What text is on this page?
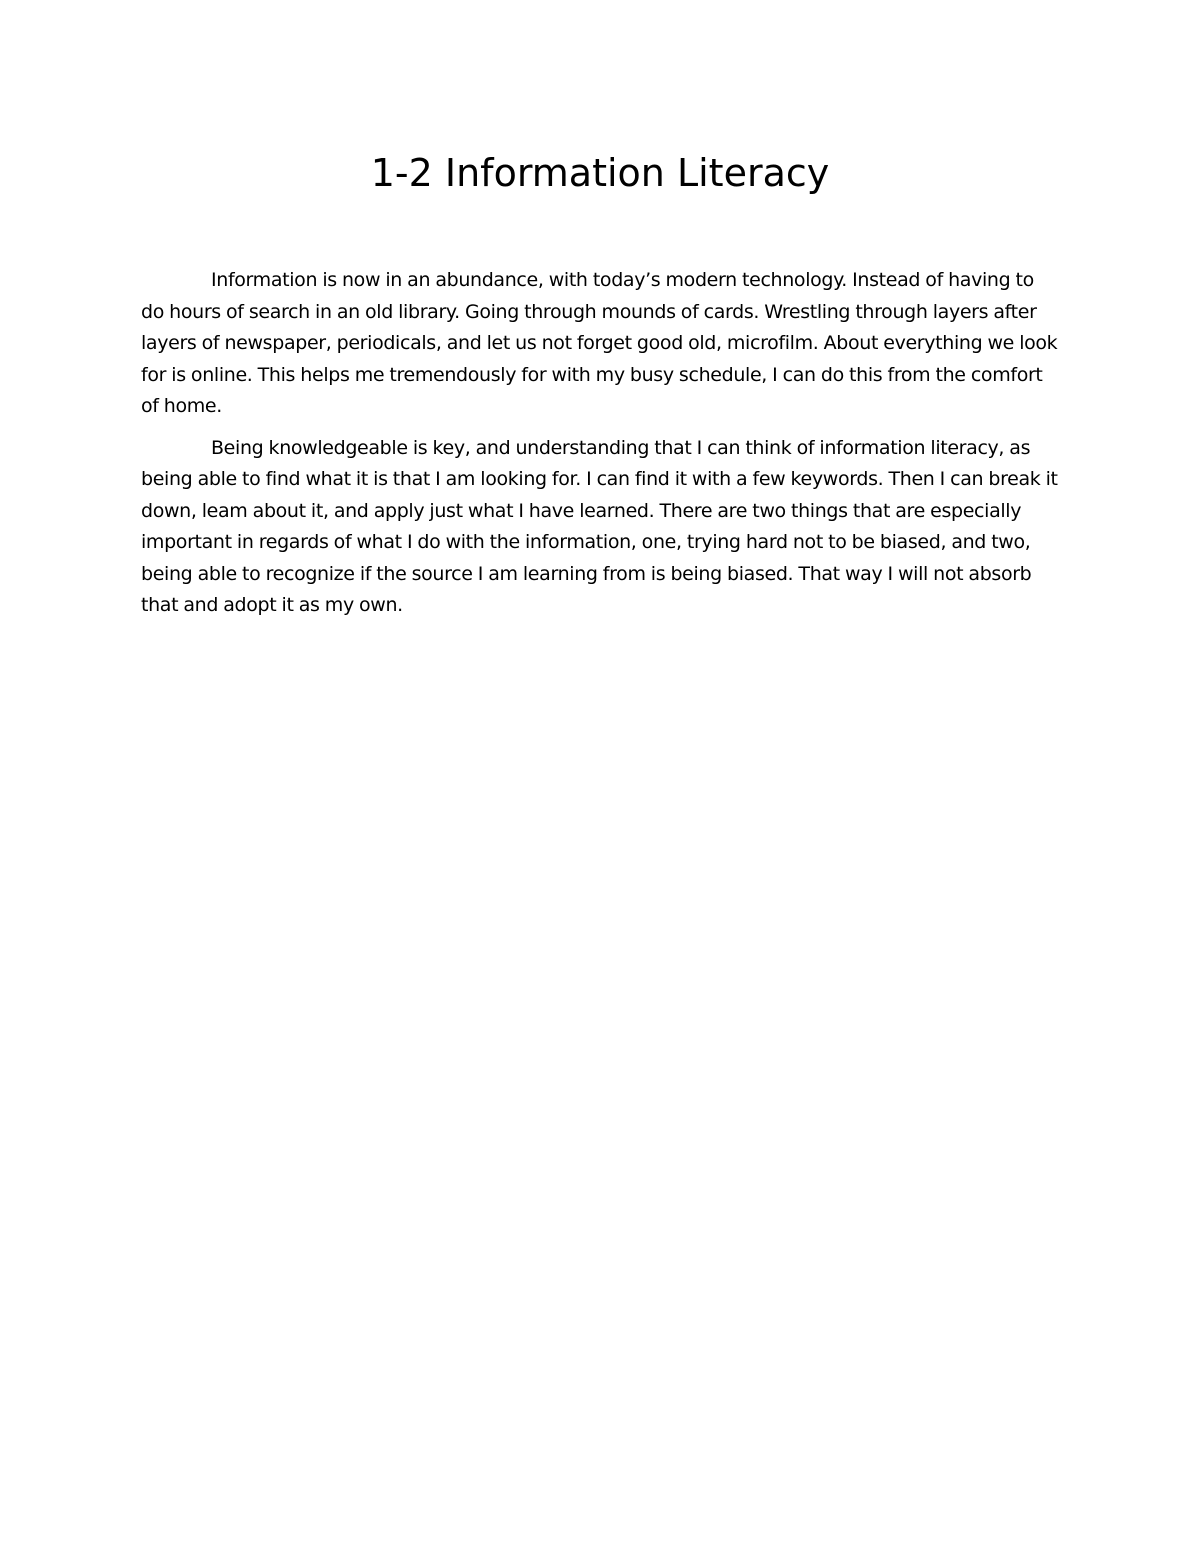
1-2 Information Literacy

Information is now in an abundance, with today’s modern technology. Instead of having to do hours of search in an old library. Going through mounds of cards. Wrestling through layers after layers of newspaper, periodicals, and let us not forget good old, microfilm. About everything we look for is online. This helps me tremendously for with my busy schedule, I can do this from the comfort of home.

Being knowledgeable is key, and understanding that I can think of information literacy, as being able to find what it is that I am looking for. I can find it with a few keywords. Then I can break it down, leam about it, and apply just what I have learned. There are two things that are especially important in regards of what I do with the information, one, trying hard not to be biased, and two, being able to recognize if the source I am learning from is being biased. That way I will not absorb that and adopt it as my own.
